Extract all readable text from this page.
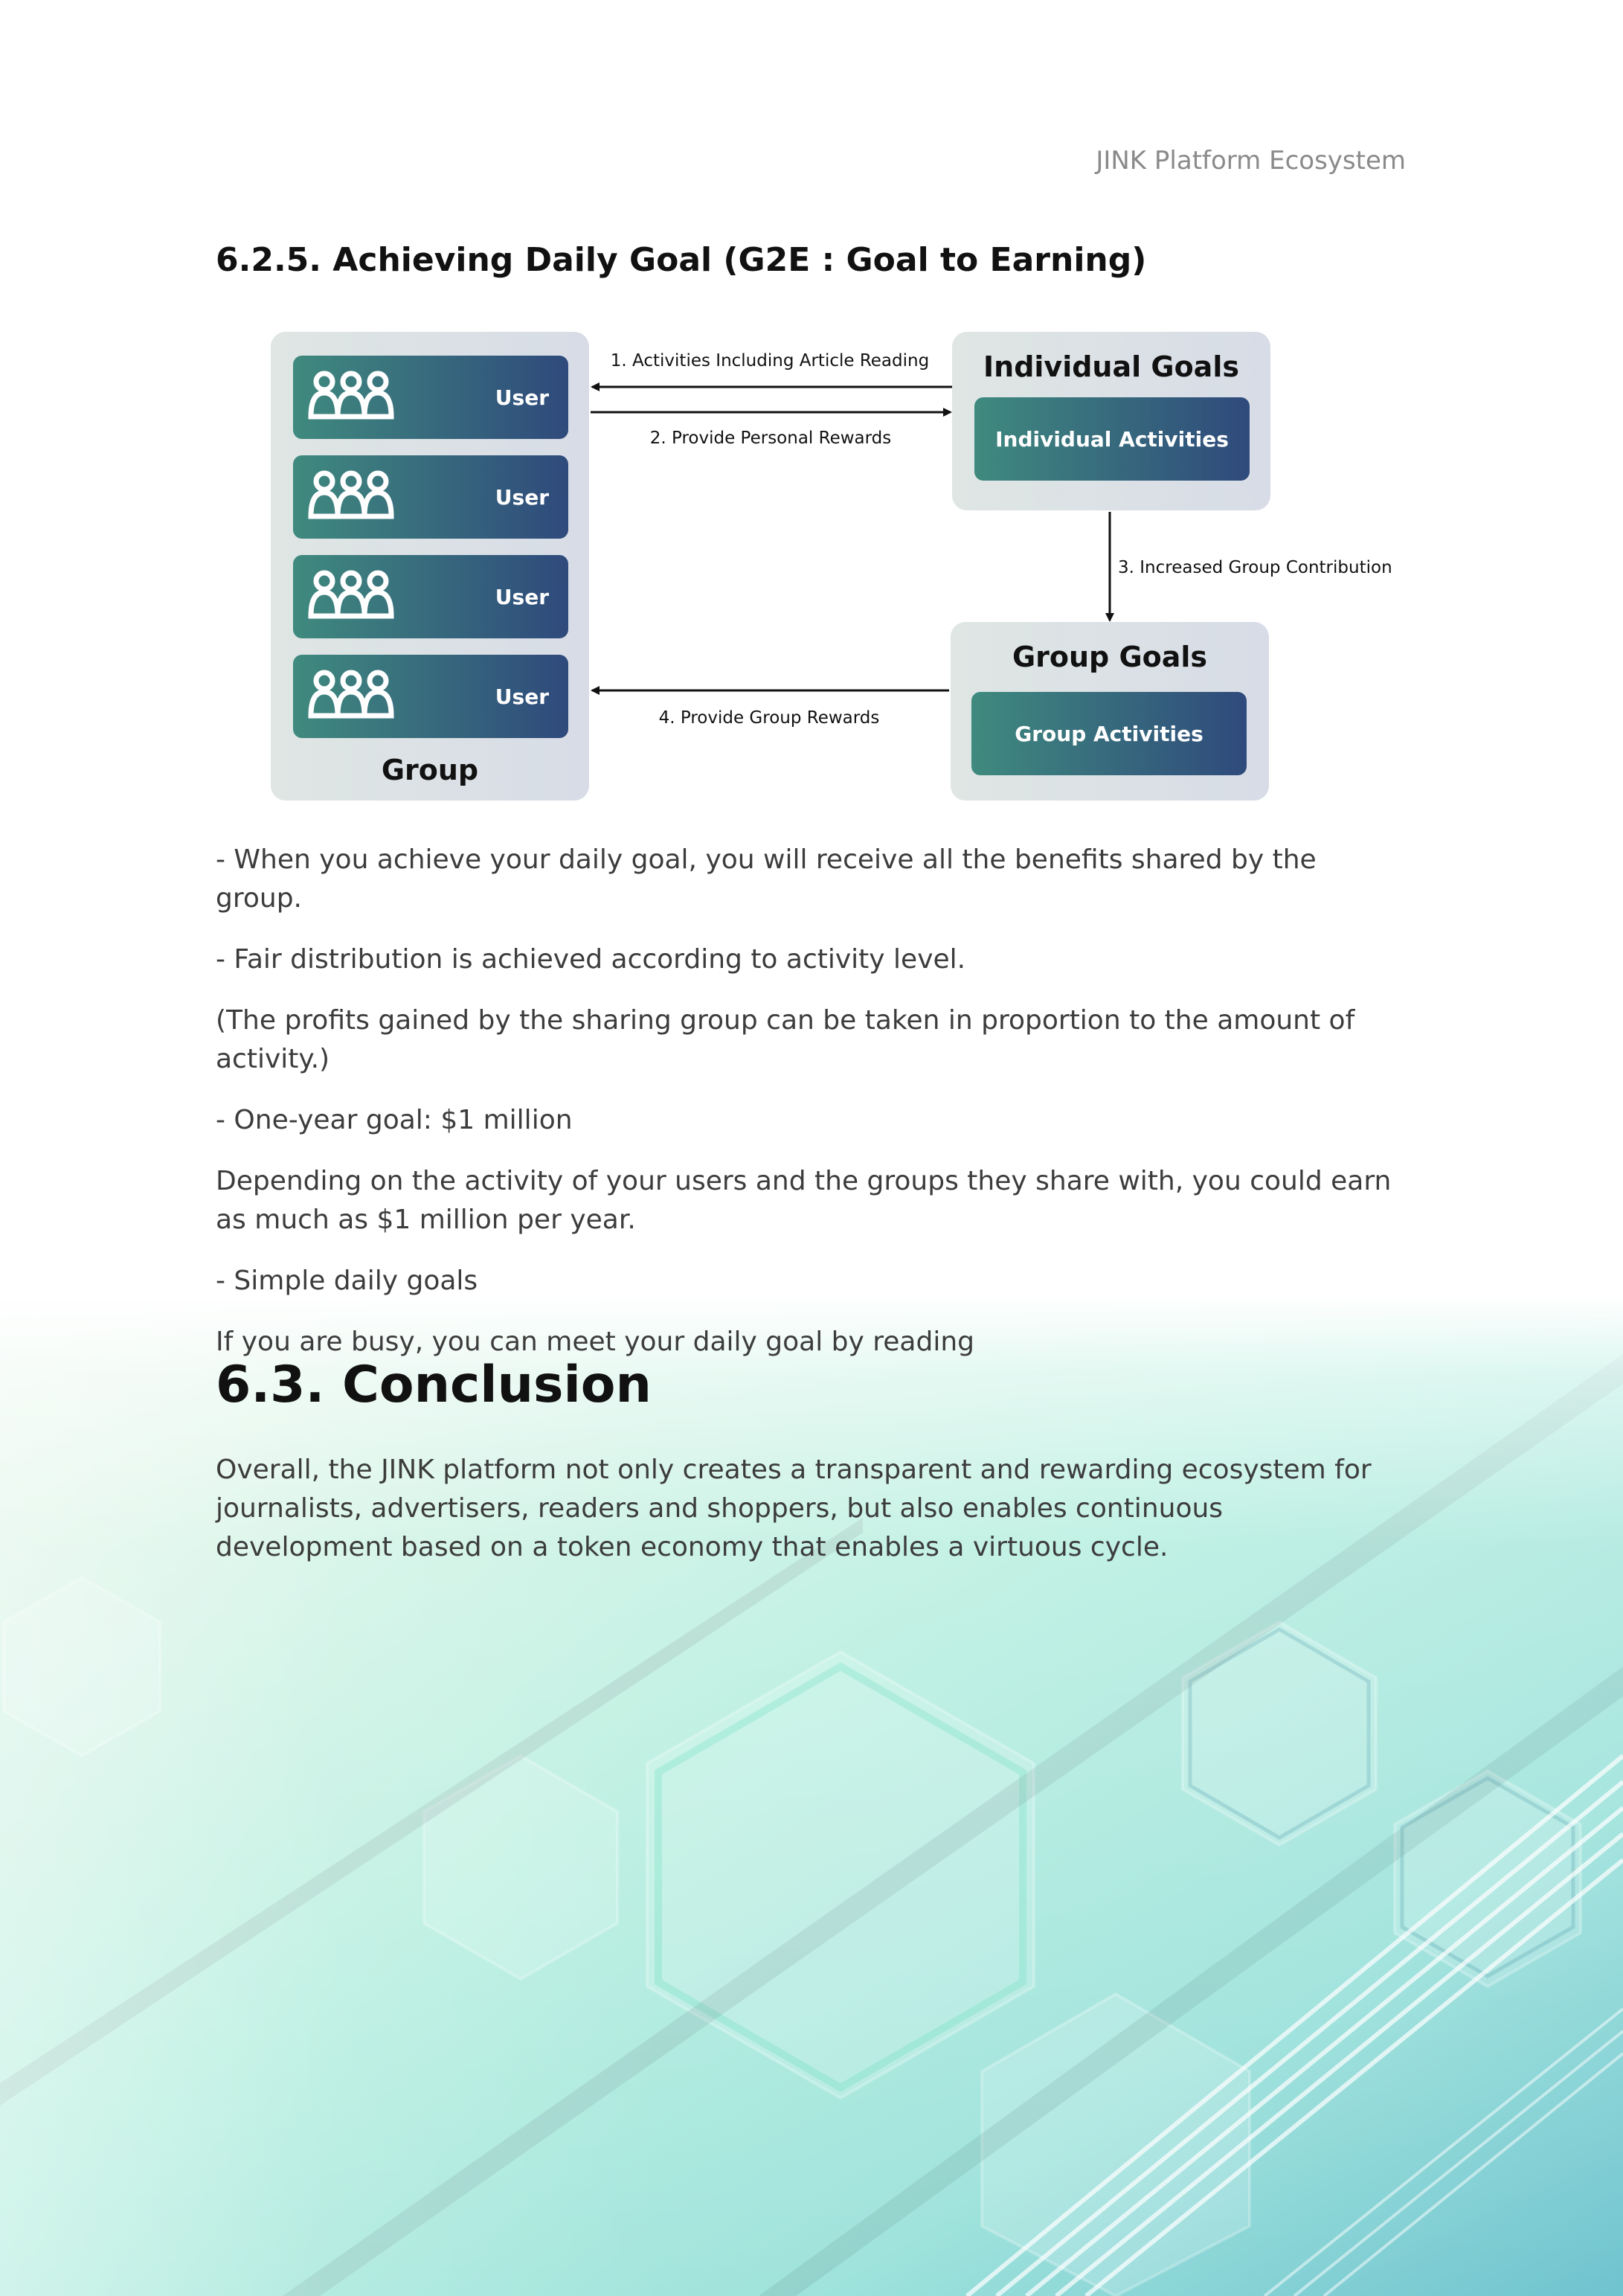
JINK Platform Ecosystem
6.2.5. Achieving Daily Goal (G2E : Goal to Earning)
User
User
User
User
Group
Individual Goals
Individual Activities
Group Goals
Group Activities
1. Activities Including Article Reading
2. Provide Personal Rewards
3. Increased Group Contribution
4. Provide Group Rewards

- When you achieve your daily goal, you will receive all the benefits shared by the group.

- Fair distribution is achieved according to activity level.

(The profits gained by the sharing group can be taken in proportion to the amount of activity.)

- One-year goal: $1 million

Depending on the activity of your users and the groups they share with, you could earn as much as $1 million per year.

- Simple daily goals

If you are busy, you can meet your daily goal by reading

6.3. Conclusion

Overall, the JINK platform not only creates a transparent and rewarding ecosystem for journalists, advertisers, readers and shoppers, but also enables continuous development based on a token economy that enables a virtuous cycle.
